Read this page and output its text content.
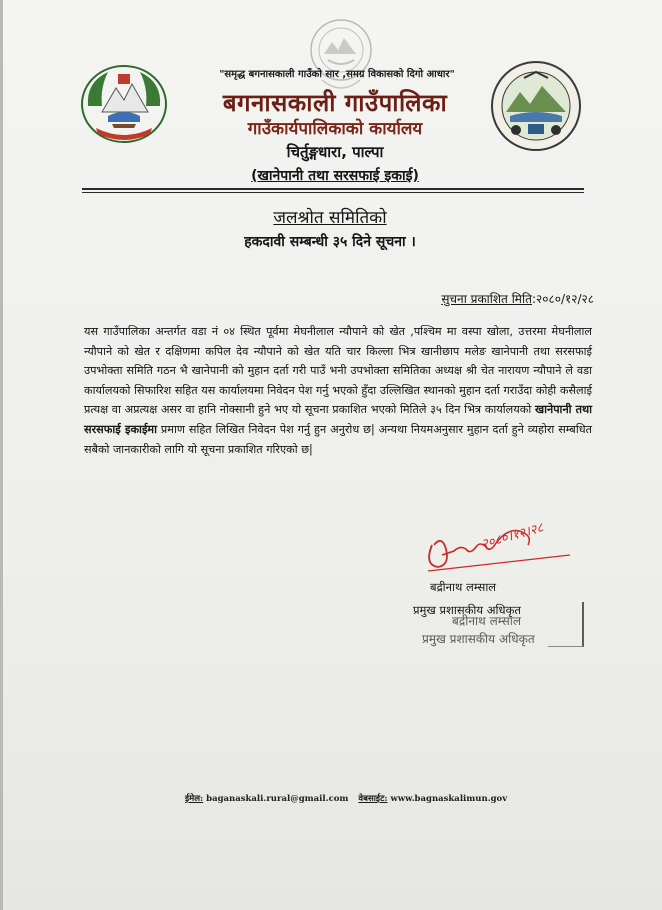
"समृद्ध बगनासकाली गाउँको सार ,समग्र विकासको दिगो आधार"
बगनासकाली गाउँपालिका
गाउँकार्यपालिकाको कार्यालय
चिर्तुङ्गधारा, पाल्पा
(खानेपानी तथा सरसफाई इकाई)
जलश्रोत समितिको
हकदावी सम्बन्धी ३५ दिने सूचना ।
सुचना प्रकाशित मिति:२०८०/१२/२८
यस गाउँपालिका अन्तर्गत वडा नं ०४ स्थित पूर्वमा मेघनीलाल न्यौपाने को खेत ,पश्चिम मा वस्पा खोला, उत्तरमा मेघनीलाल न्यौपाने को खेत र दक्षिणमा कपिल देव न्यौपाने को खेत यति चार किल्ला भित्र खानीछाप मलेङ खानेपानी तथा सरसफाई उपभोक्ता समिति गठन भै खानेपानी को मुहान दर्ता गरी पाउँ भनी उपभोक्ता समितिका अध्यक्ष श्री चेत नारायण न्यौपाने ले वडा कार्यालयको सिफारिश सहित यस कार्यालयमा निवेदन पेश गर्नु भएको हुँदा उल्लिखित स्थानको मुहान दर्ता गराउँदा कोही कसैलाई प्रत्यक्ष वा अप्रत्यक्ष असर वा हानि नोक्सानी हुने भए यो सूचना प्रकाशित भएको मितिले ३५ दिन भित्र कार्यालयको खानेपानी तथा सरसफाई इकाईमा प्रमाण सहित लिखित निवेदन पेश गर्नु हुन अनुरोध छ| अन्यथा नियमअनुसार मुहान दर्ता हुने व्यहोरा सम्बधित सबैको जानकारीको लागि यो सूचना प्रकाशित गरिएको छ|
२०८०।१२।२८
बद्रीनाथ लम्साल
प्रमुख प्रशासकीय अधिकृत
बद्रीनाथ लम्साल
प्रमुख प्रशासकीय अधिकृत
ईमेल: baganaskali.rural@gmail.com वेबसाईट: www.bagnaskalimun.gov
